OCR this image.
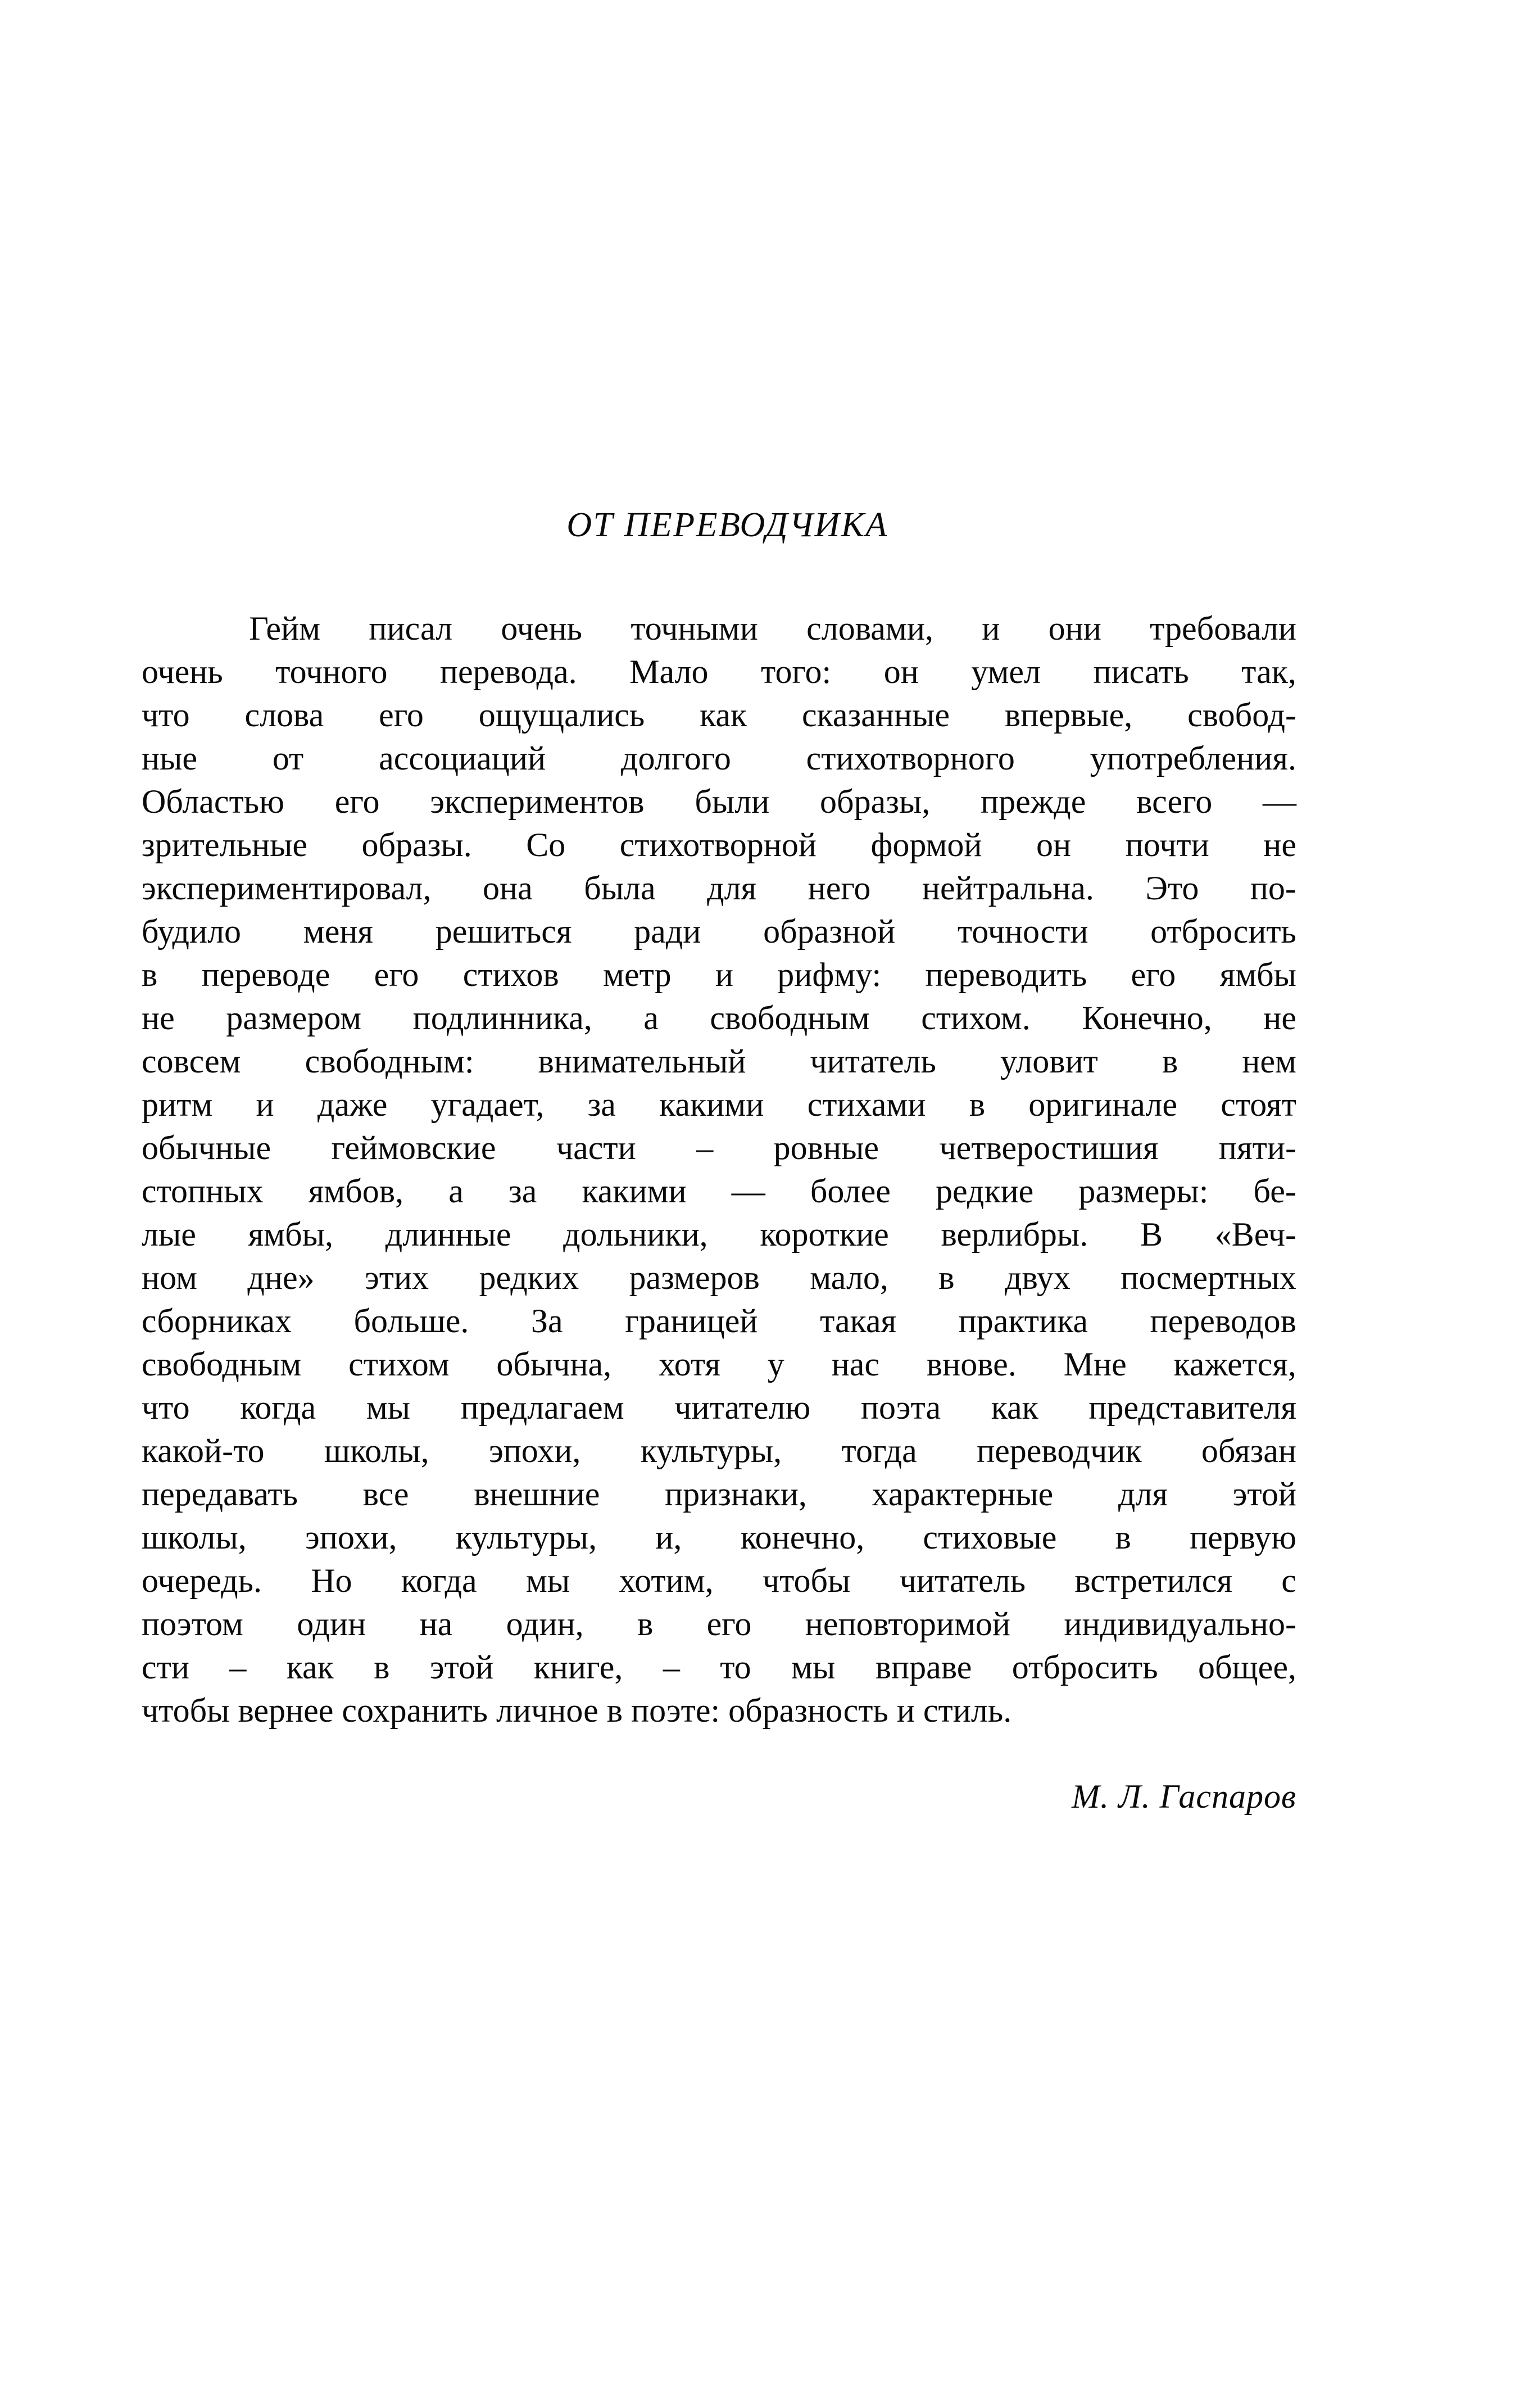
ОТ ПЕРЕВОДЧИКА
Гейм писал очень точными словами, и они требовали
очень точного перевода. Мало того: он умел писать так,
что слова его ощущались как сказанные впервые, свобод-
ные от ассоциаций долгого стихотворного употребления.
Областью его экспериментов были образы, прежде всего —
зрительные образы. Со стихотворной формой он почти не
экспериментировал, она была для него нейтральна. Это по-
будило меня решиться ради образной точности отбросить
в переводе его стихов метр и рифму: переводить его ямбы
не размером подлинника, а свободным стихом. Конечно, не
совсем свободным: внимательный читатель уловит в нем
ритм и даже угадает, за какими стихами в оригинале стоят
обычные геймовские части – ровные четверостишия пяти-
стопных ямбов, а за какими — более редкие размеры: бе-
лые ямбы, длинные дольники, короткие верлибры. В «Веч-
ном дне» этих редких размеров мало, в двух посмертных
сборниках больше. За границей такая практика переводов
свободным стихом обычна, хотя у нас внове. Мне кажется,
что когда мы предлагаем читателю поэта как представителя
какой-то школы, эпохи, культуры, тогда переводчик обязан
передавать все внешние признаки, характерные для этой
школы, эпохи, культуры, и, конечно, стиховые в первую
очередь. Но когда мы хотим, чтобы читатель встретился с
поэтом один на один, в его неповторимой индивидуально-
сти – как в этой книге, – то мы вправе отбросить общее,
чтобы вернее сохранить личное в поэте: образность и стиль.
М. Л. Гаспаров
